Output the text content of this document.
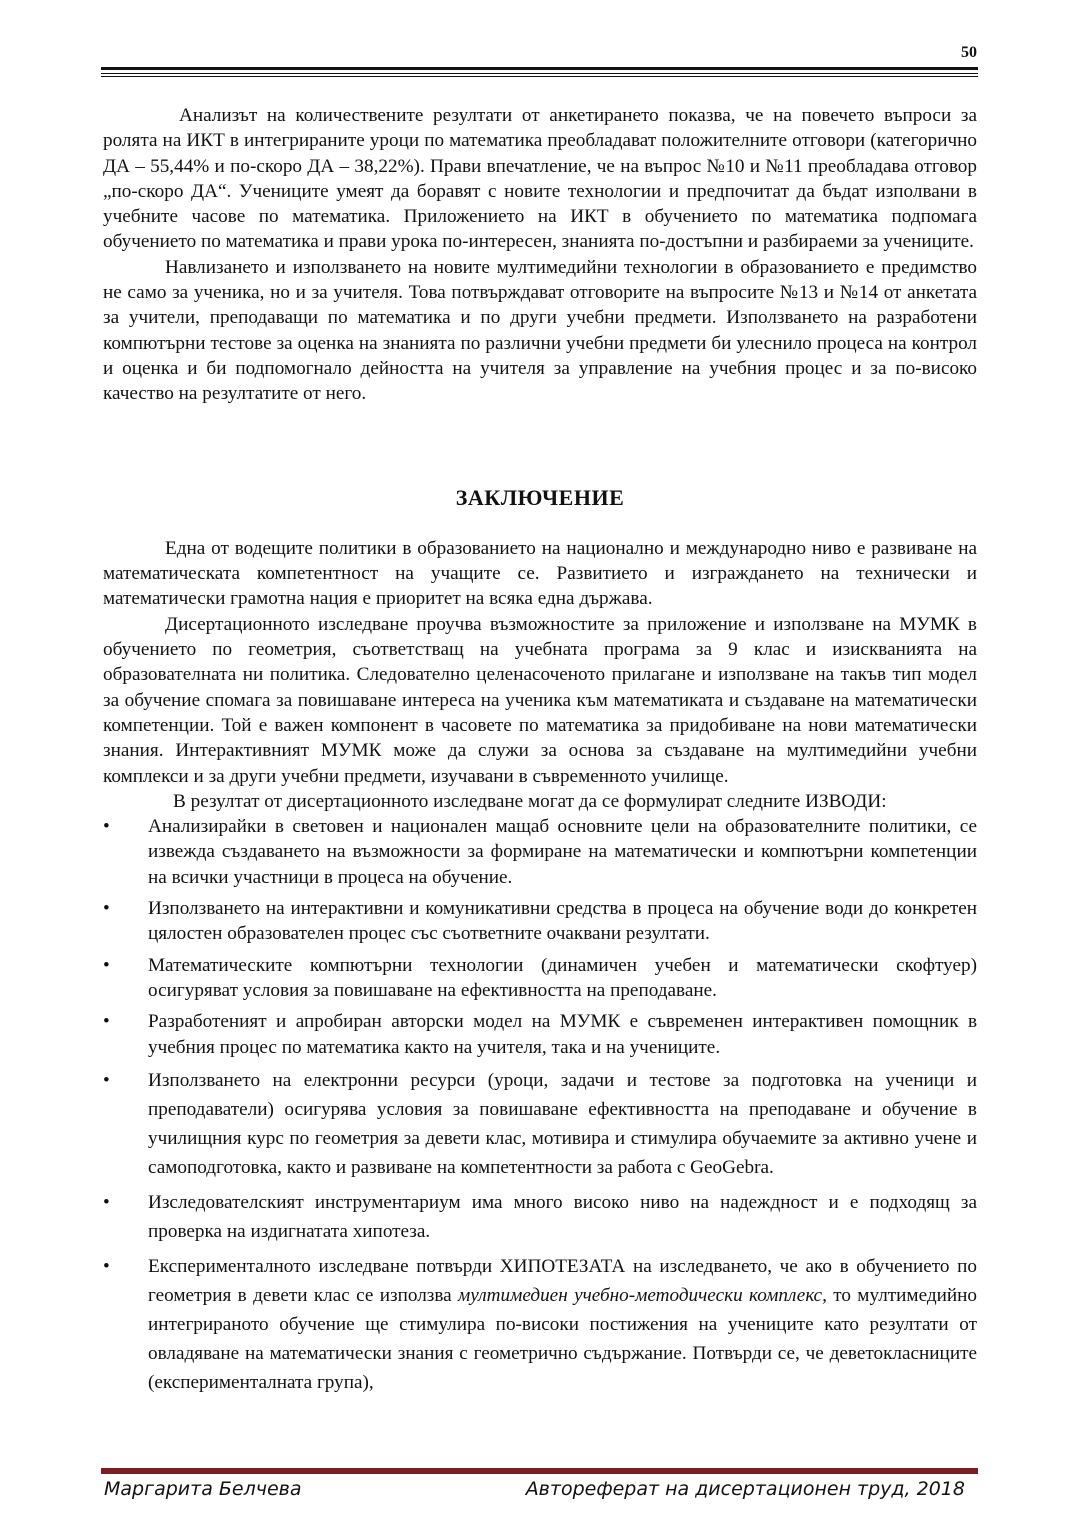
50

Анализът на количествените резултати от анкетирането показва, че на повечето въпроси за ролята на ИКТ в интегрираните уроци по математика преобладават положителните отговори (категорично ДА – 55,44% и по-скоро ДА – 38,22%). Прави впечатление, че на въпрос №10 и №11 преобладава отговор „по-скоро ДА“. Учениците умеят да боравят с новите технологии и предпочитат да бъдат изполвани в учебните часове по математика. Приложението на ИКТ в обучението по математика подпомага обучението по математика и прави урока по-интересен, знанията по-достъпни и разбираеми за учениците.

Навлизането и използването на новите мултимедийни технологии в образованието е предимство не само за ученика, но и за учителя. Това потвърждават отговорите на въпросите №13 и №14 от анкетата за учители, преподаващи по математика и по други учебни предмети. Използването на разработени компютърни тестове за оценка на знанията по различни учебни предмети би улеснило процеса на контрол и оценка и би подпомогнало дейността на учителя за управление на учебния процес и за по-високо качество на резултатите от него.

ЗАКЛЮЧЕНИЕ

Една от водещите политики в образованието на национално и международно ниво е развиване на математическата компетентност на учащите се. Развитието и изграждането на технически и математически грамотна нация е приоритет на всяка една държава.

Дисертационното изследване проучва възможностите за приложение и използване на МУМК в обучението по геометрия, съответстващ на учебната програма за 9 клас и изискванията на образователната ни политика. Следователно целенасоченото прилагане и използване на такъв тип модел за обучение спомага за повишаване интереса на ученика към математиката и създаване на математически компетенции. Той е важен компонент в часовете по математика за придобиване на нови математически знания. Интерактивният МУМК може да служи за основа за създаване на мултимедийни учебни комплекси и за други учебни предмети, изучавани в съвременното училище.

В резултат от дисертационното изследване могат да се формулират следните ИЗВОДИ:

• Анализирайки в световен и национален мащаб основните цели на образователните политики, се извежда създаването на възможности за формиране на математически и компютърни компетенции на всички участници в процеса на обучение.
• Използването на интерактивни и комуникативни средства в процеса на обучение води до конкретен цялостен образователен процес със съответните очаквани резултати.
• Математическите компютърни технологии (динамичен учебен и математически скофтуер) осигуряват условия за повишаване на ефективността на преподаване.
• Разработеният и апробиран авторски модел на МУМК е съвременен интерактивен помощник в учебния процес по математика както на учителя, така и на учениците.
• Използването на електронни ресурси (уроци, задачи и тестове за подготовка на ученици и преподаватели) осигурява условия за повишаване ефективността на преподаване и обучение в училищния курс по геометрия за девети клас, мотивира и стимулира обучаемите за активно учене и самоподготовка, както и развиване на компетентности за работа с GeoGebra.
• Изследователският инструментариум има много високо ниво на надеждност и е подходящ за проверка на издигнатата хипотеза.
• Експерименталното изследване потвърди ХИПОТЕЗАТА на изследването, че ако в обучението по геометрия в девети клас се използва мултимедиен учебно-методически комплекс, то мултимедийно интегрираното обучение ще стимулира по-високи постижения на учениците като резултати от овладяване на математически знания с геометрично съдържание. Потвърди се, че деветокласниците (експерименталната група),
Маргарита Белчева	Автореферат на дисертационен труд, 2018
